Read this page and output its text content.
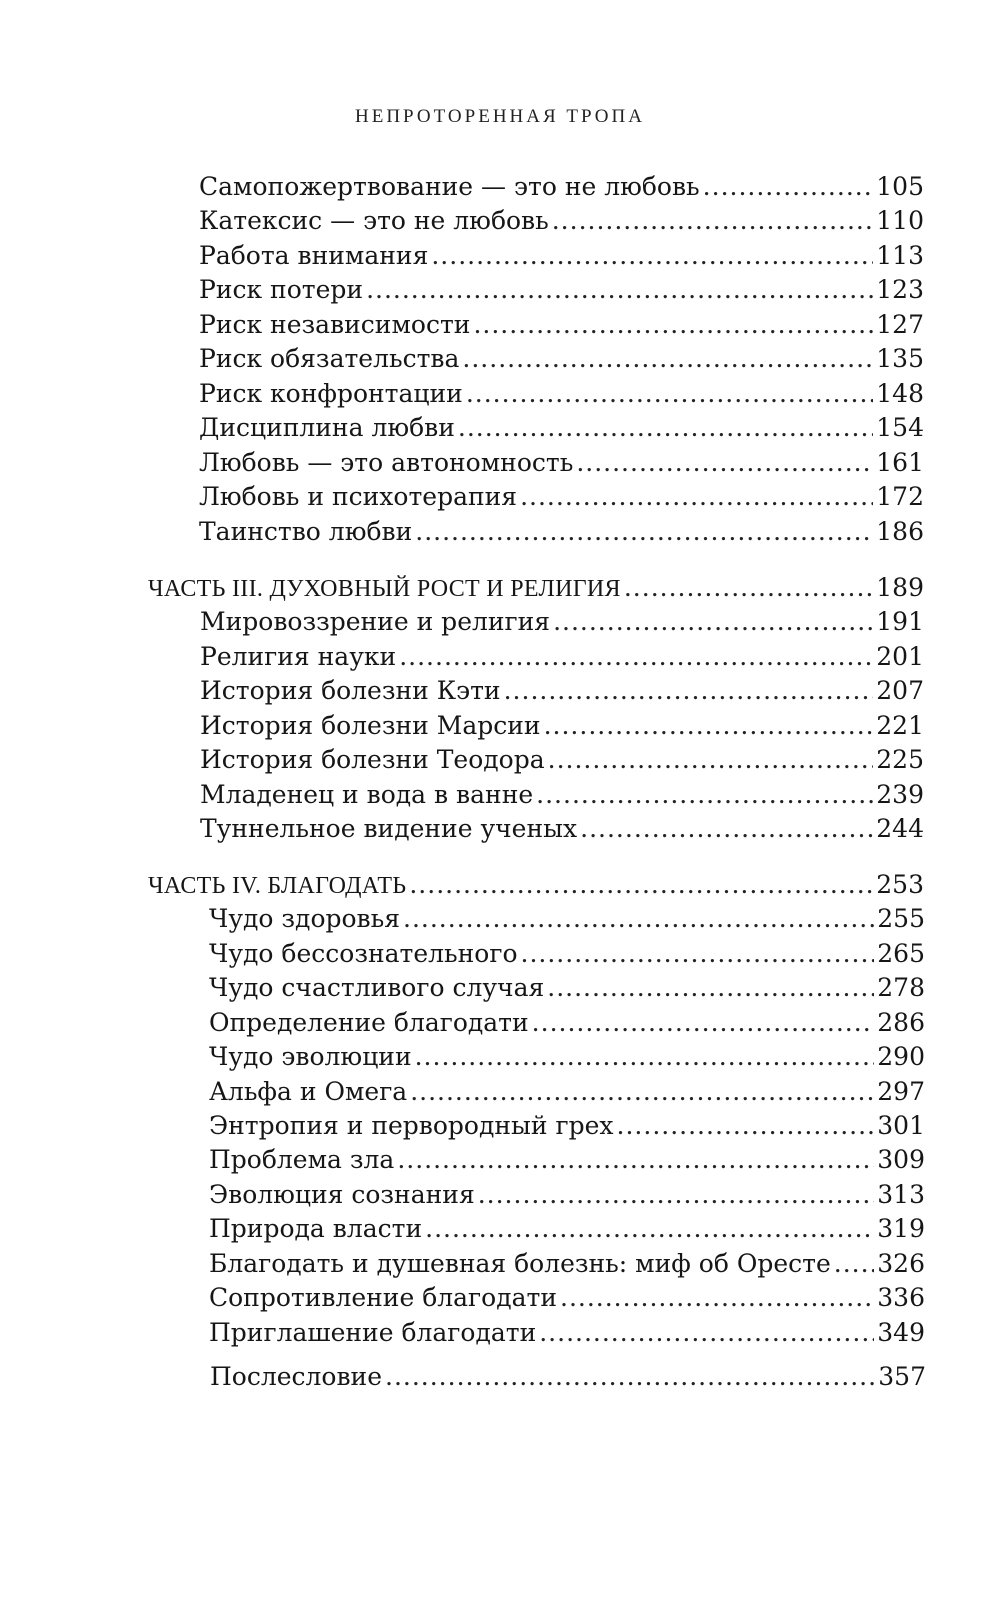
НЕПРОТОРЕННАЯ ТРОПА
Самопожертвование — это не любовь .....	105
Катексис — это не любовь .....	110
Работа внимания .....	113
Риск потери .....	123
Риск независимости .....	127
Риск обязательства .....	135
Риск конфронтации .....	148
Дисциплина любви .....	154
Любовь — это автономность .....	161
Любовь и психотерапия .....	172
Таинство любви .....	186
ЧАСТЬ III. ДУХОВНЫЙ РОСТ И РЕЛИГИЯ .....	189
Мировоззрение и религия .....	191
Религия науки .....	201
История болезни Кэти .....	207
История болезни Марсии .....	221
История болезни Теодора .....	225
Младенец и вода в ванне .....	239
Туннельное видение ученых .....	244
ЧАСТЬ IV. БЛАГОДАТЬ .....	253
Чудо здоровья .....	255
Чудо бессознательного .....	265
Чудо счастливого случая .....	278
Определение благодати .....	286
Чудо эволюции .....	290
Альфа и Омега .....	297
Энтропия и первородный грех .....	301
Проблема зла .....	309
Эволюция сознания .....	313
Природа власти .....	319
Благодать и душевная болезнь: миф об Оресте ..... 326
Сопротивление благодати .....	336
Приглашение благодати .....	349
Послесловие .....	357
